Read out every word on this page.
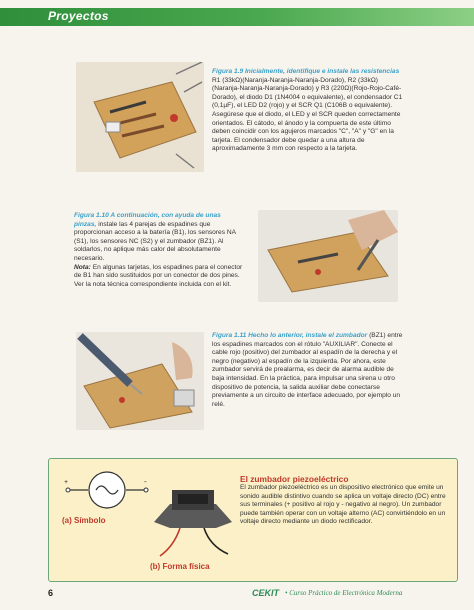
Proyectos
Figura 1.9 Inicialmente, identifique e instale las resistencias R1 (33kΩ)(Naranja-Naranja-Naranja-Dorado), R2 (33kΩ)(Naranja-Naranja-Naranja-Dorado) y R3 (220Ω)(Rojo-Rojo-Café-Dorado), el diodo D1 (1N4004 o equivalente), el condensador C1 (0,1µF), el LED D2 (rojo) y el SCR Q1 (C106B o equivalente). Asegúrese que el diodo, el LED y el SCR queden correctamente orientados. El cátodo, el ánodo y la compuerta de este último deben coincidir con los agujeros marcados "C", "A" y "G" en la tarjeta. El condensador debe quedar a una altura de aproximadamente 3 mm con respecto a la tarjeta.
Figura 1.10 A continuación, con ayuda de unas pinzas, instale las 4 parejas de espadines que proporcionan acceso a la batería (B1), los sensores NA (S1), los sensores NC (S2) y el zumbador (BZ1). Al soldarlos, no aplique más calor del absolutamente necesario.
Nota: En algunas tarjetas, los espadines para el conector de B1 han sido sustituidos por un conector de dos pines. Ver la nota técnica correspondiente incluida con el kit.
Figura 1.11 Hecho lo anterior, instale el zumbador (BZ1) entre los espadines marcados con el rótulo "AUXILIAR". Conecte el cable rojo (positivo) del zumbador al espadín de la derecha y el negro (negativo) al espadín de la izquierda. Por ahora, este zumbador servirá de prealarma, es decir de alarma audible de baja intensidad. En la práctica, para impulsar una sirena u otro dispositivo de potencia, la salida auxiliar debe conectarse previamente a un circuito de interface adecuado, por ejemplo un relé.
+	-
(a) Símbolo
(b) Forma física
El zumbador piezoeléctrico
El zumbador piezoeléctrico es un dispositivo electrónico que emite un sonido audible distintivo cuando se aplica un voltaje directo (DC) entre sus terminales (+ positivo al rojo y - negativo al negro). Un zumbador puede también operar con un voltaje alterno (AC) convirtiéndolo en un voltaje directo mediante un diodo rectificador.
6	CEKIT • Curso Práctico de Electrónica Moderna
